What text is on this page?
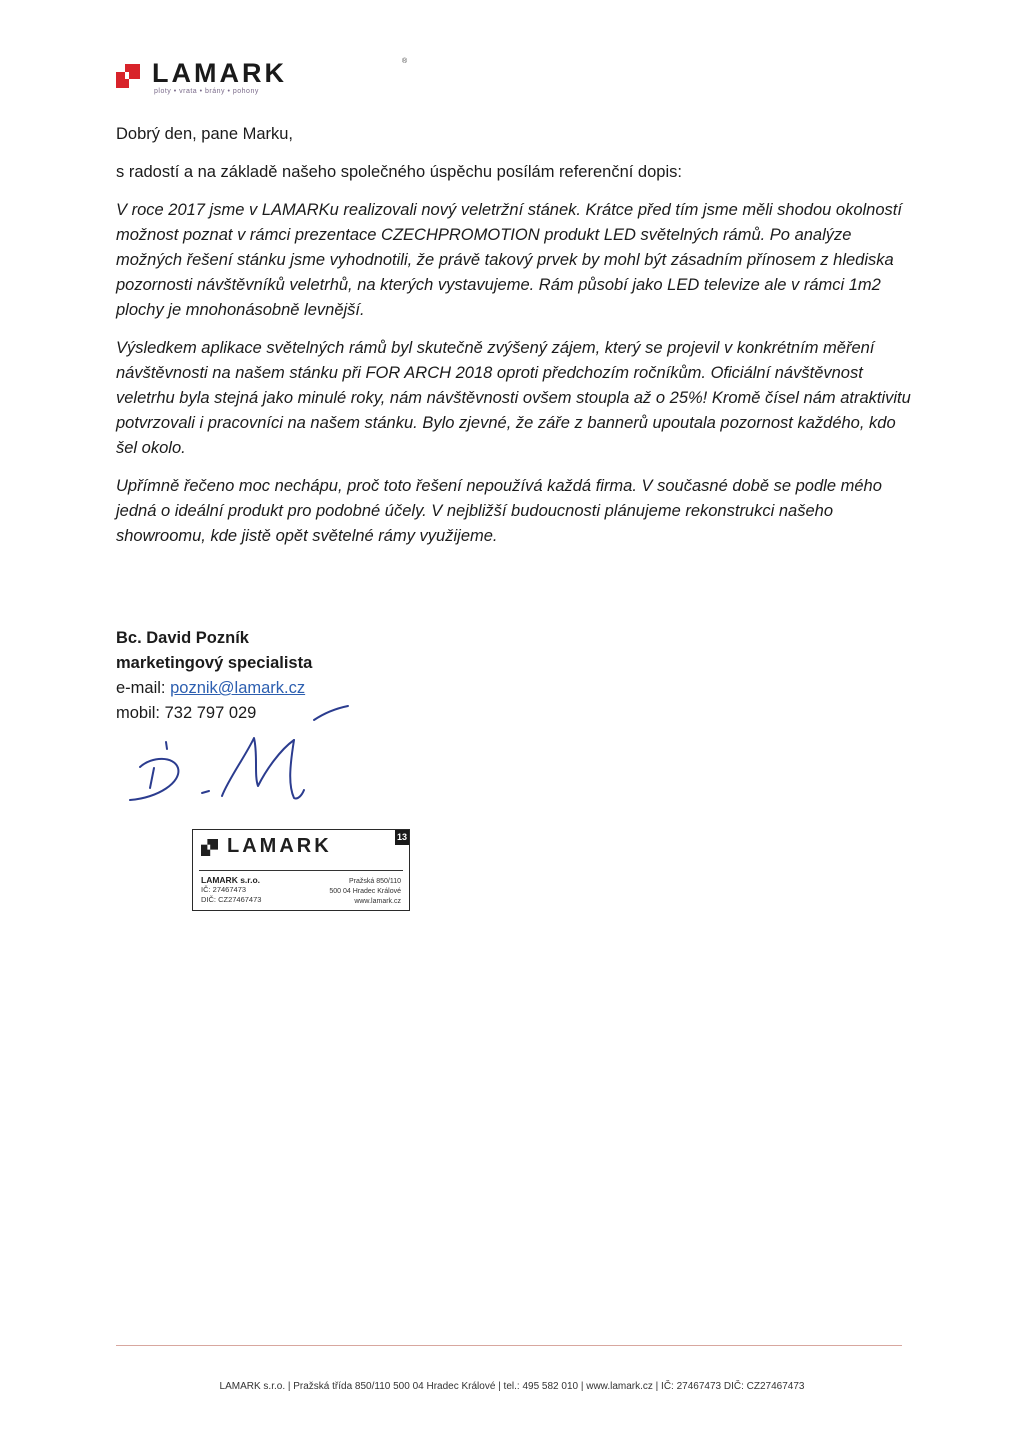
LAMARK	®
ploty • vrata • brány • pohony

Dobrý den, pane Marku,

s radostí a na základě našeho společného úspěchu posílám referenční dopis:

V roce 2017 jsme v LAMARKu realizovali nový veletržní stánek. Krátce před tím jsme měli shodou okolností možnost poznat v rámci prezentace CZECHPROMOTION produkt LED světelných rámů. Po analýze možných řešení stánku jsme vyhodnotili, že právě takový prvek by mohl být zásadním přínosem z hlediska pozornosti návštěvníků veletrhů, na kterých vystavujeme. Rám působí jako LED televize ale v rámci 1m2 plochy je mnohonásobně levnější.

Výsledkem aplikace světelných rámů byl skutečně zvýšený zájem, který se projevil v konkrétním měření návštěvnosti na našem stánku při FOR ARCH 2018 oproti předchozím ročníkům. Oficiální návštěvnost veletrhu byla stejná jako minulé roky, nám návštěvnosti ovšem stoupla až o 25%! Kromě čísel nám atraktivitu potvrzovali i pracovníci na našem stánku. Bylo zjevné, že záře z bannerů upoutala pozornost každého, kdo šel okolo.

Upřímně řečeno moc nechápu, proč toto řešení nepoužívá každá firma. V současné době se podle mého jedná o ideální produkt pro podobné účely. V nejbližší budoucnosti plánujeme rekonstrukci našeho showroomu, kde jistě opět světelné rámy využijeme.

Bc. David Pozník
marketingový specialista
e-mail: poznik@lamark.cz
mobil: 732 797 029
LAMARK	13
LAMARK s.r.o.
IČ: 27467473
DIČ: CZ27467473
Pražská 850/110
500 04 Hradec Králové
www.lamark.cz
LAMARK s.r.o. | Pražská třída 850/110 500 04 Hradec Králové | tel.: 495 582 010 | www.lamark.cz | IČ: 27467473 DIČ: CZ27467473
